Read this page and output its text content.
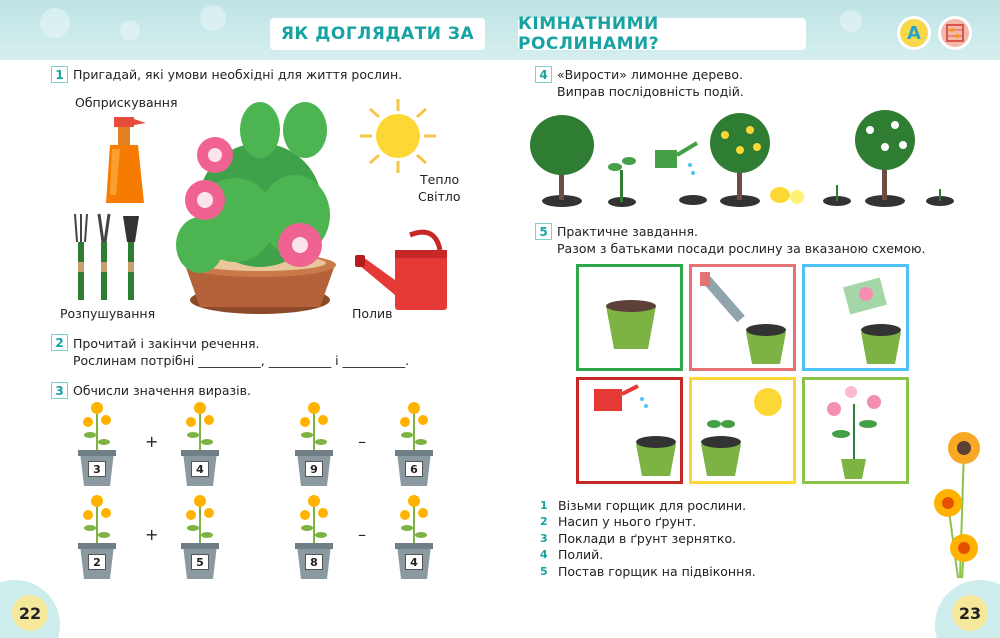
ЯК ДОГЛЯДАТИ ЗА	КІМНАТНИМИ РОСЛИНАМИ?
A
1 Пригадай, які умови необхідні для життя рослин.
Обприскування
Тепло
Світло
Розпушування	Полив
2 Прочитай і закінчи речення.
Рослинам потрібні __________, __________ і __________.
3 Обчисли значення виразів.
3	4	9	6
+	–
2	5	8	4
+	–
22
4 «Вирости» лимонне дерево.
Виправ послідовність подій.
5 Практичне завдання.
Разом з батьками посади рослину за вказаною схемою.
1 Візьми горщик для рослини.
2 Насип у нього ґрунт.
3 Поклади в ґрунт зернятко.
4 Полий.
5 Постав горщик на підвіконня.
23
